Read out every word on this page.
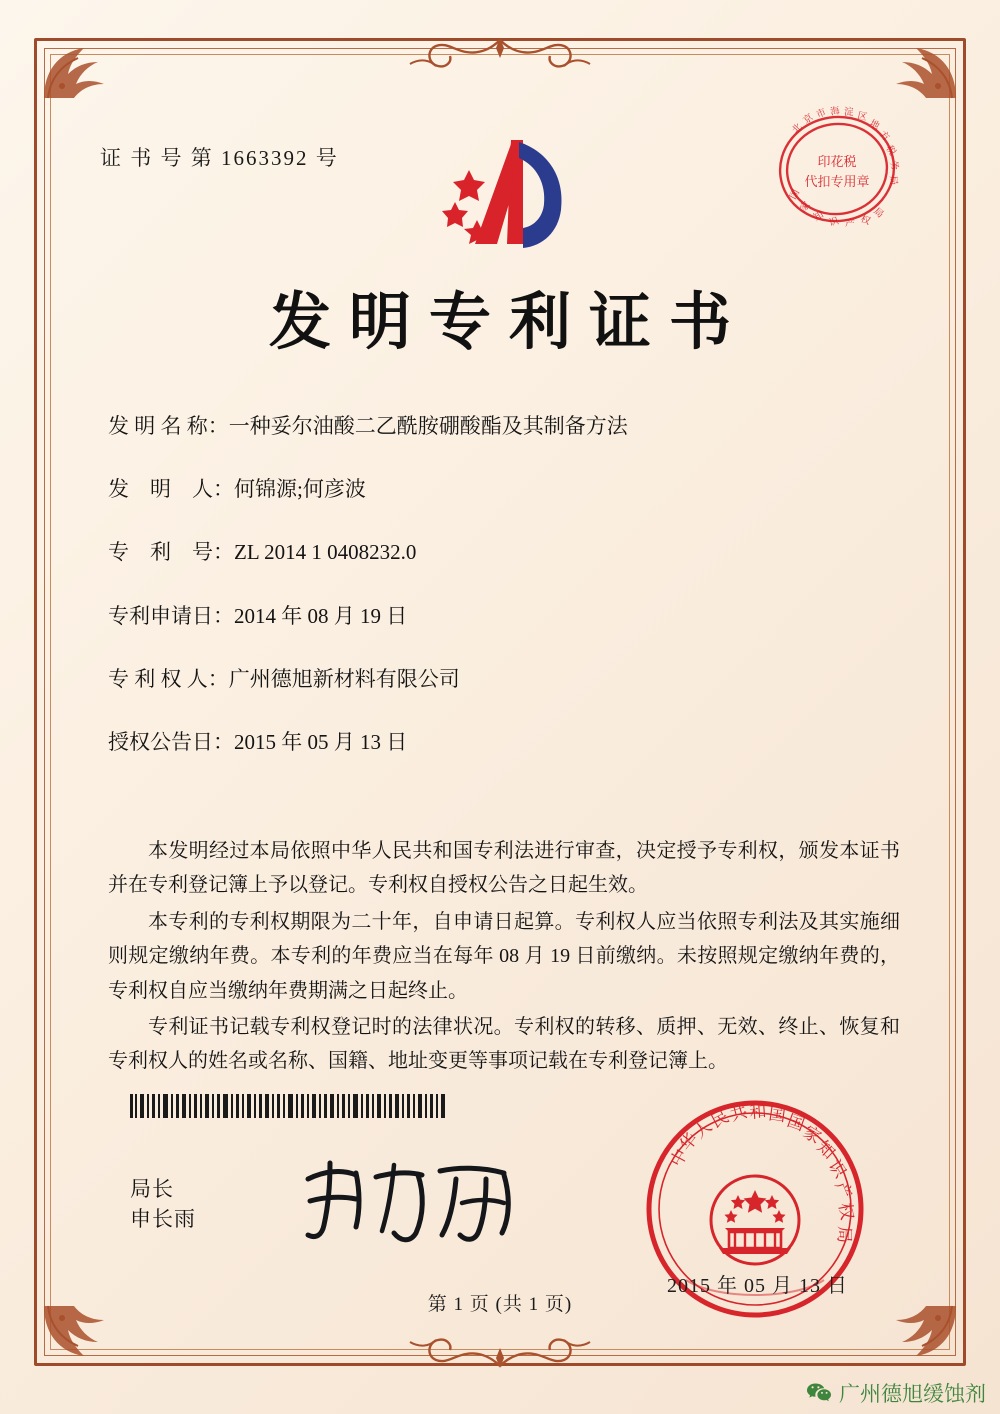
证 书 号 第 1663392 号	印花税
代扣专用章
北
京 市 海 淀 区
地
方
税
务
局
国
家
知 识 产 权
局
发明专利证书
发 明 名 称：一种妥尔油酸二乙酰胺硼酸酯及其制备方法
发　明　人：何锦源;何彦波
专　利　号：ZL 2014 1 0408232.0
专利申请日：2014 年 08 月 19 日
专 利 权 人：广州德旭新材料有限公司
授权公告日：2015 年 05 月 13 日

本发明经过本局依照中华人民共和国专利法进行审查，决定授予专利权，颁发本证书并在专利登记簿上予以登记。专利权自授权公告之日起生效。

本专利的专利权期限为二十年，自申请日起算。专利权人应当依照专利法及其实施细则规定缴纳年费。本专利的年费应当在每年 08 月 19 日前缴纳。未按照规定缴纳年费的，专利权自应当缴纳年费期满之日起终止。

专利证书记载专利权登记时的法律状况。专利权的转移、质押、无效、终止、恢复和专利权人的姓名或名称、国籍、地址变更等事项记载在专利登记簿上。

局长
申长雨
中
华
人
民
共 和 国
国
家
知
识
产
权
局
2015 年 05 月 13 日
第 1 页 (共 1 页)
广州德旭缓蚀剂
